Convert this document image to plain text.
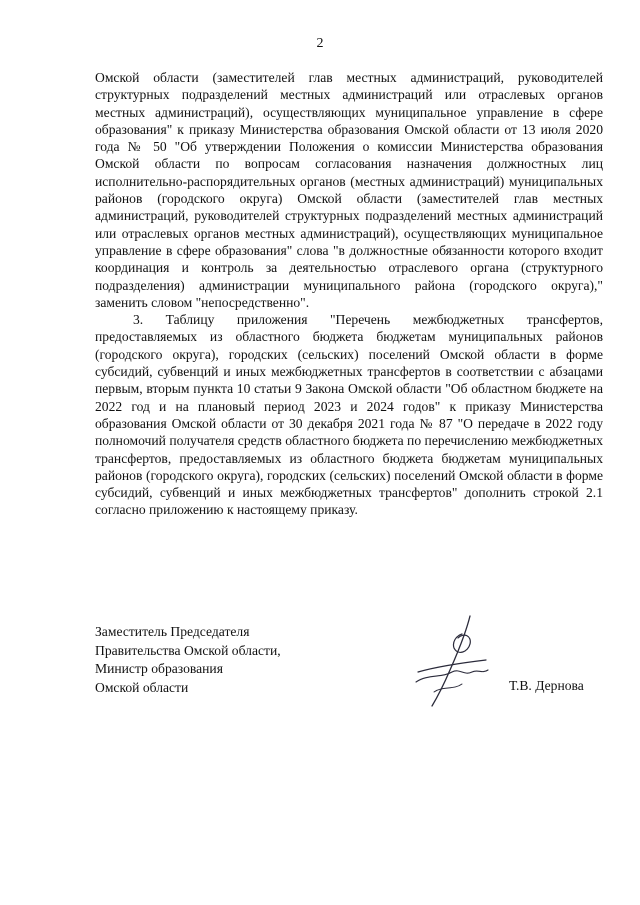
2

Омской области (заместителей глав местных администраций, руководителей структурных подразделений местных администраций или отраслевых органов местных администраций), осуществляющих муниципальное управление в сфере образования" к приказу Министерства образования Омской области от 13 июля 2020 года № 50 "Об утверждении Положения о комиссии Министерства образования Омской области по вопросам согласования назначения должностных лиц исполнительно-распорядительных органов (местных администраций) муниципальных районов (городского округа) Омской области (заместителей глав местных администраций, руководителей структурных подразделений местных администраций или отраслевых органов местных администраций), осуществляющих муниципальное управление в сфере образования" слова "в должностные обязанности которого входит координация и контроль за деятельностью отраслевого органа (структурного подразделения) администрации муниципального района (городского округа)," заменить словом "непосредственно".

3. Таблицу приложения "Перечень межбюджетных трансфертов, предоставляемых из областного бюджета бюджетам муниципальных районов (городского округа), городских (сельских) поселений Омской области в форме субсидий, субвенций и иных межбюджетных трансфертов в соответствии с абзацами первым, вторым пункта 10 статьи 9 Закона Омской области "Об областном бюджете на 2022 год и на плановый период 2023 и 2024 годов" к приказу Министерства образования Омской области от 30 декабря 2021 года № 87 "О передаче в 2022 году полномочий получателя средств областного бюджета по перечислению межбюджетных трансфертов, предоставляемых из областного бюджета бюджетам муниципальных районов (городского округа), городских (сельских) поселений Омской области в форме субсидий, субвенций и иных межбюджетных трансфертов" дополнить строкой 2.1 согласно приложению к настоящему приказу.

Заместитель Председателя
Правительства Омской области,
Министр образования
Омской области	Т.В. Дернова
